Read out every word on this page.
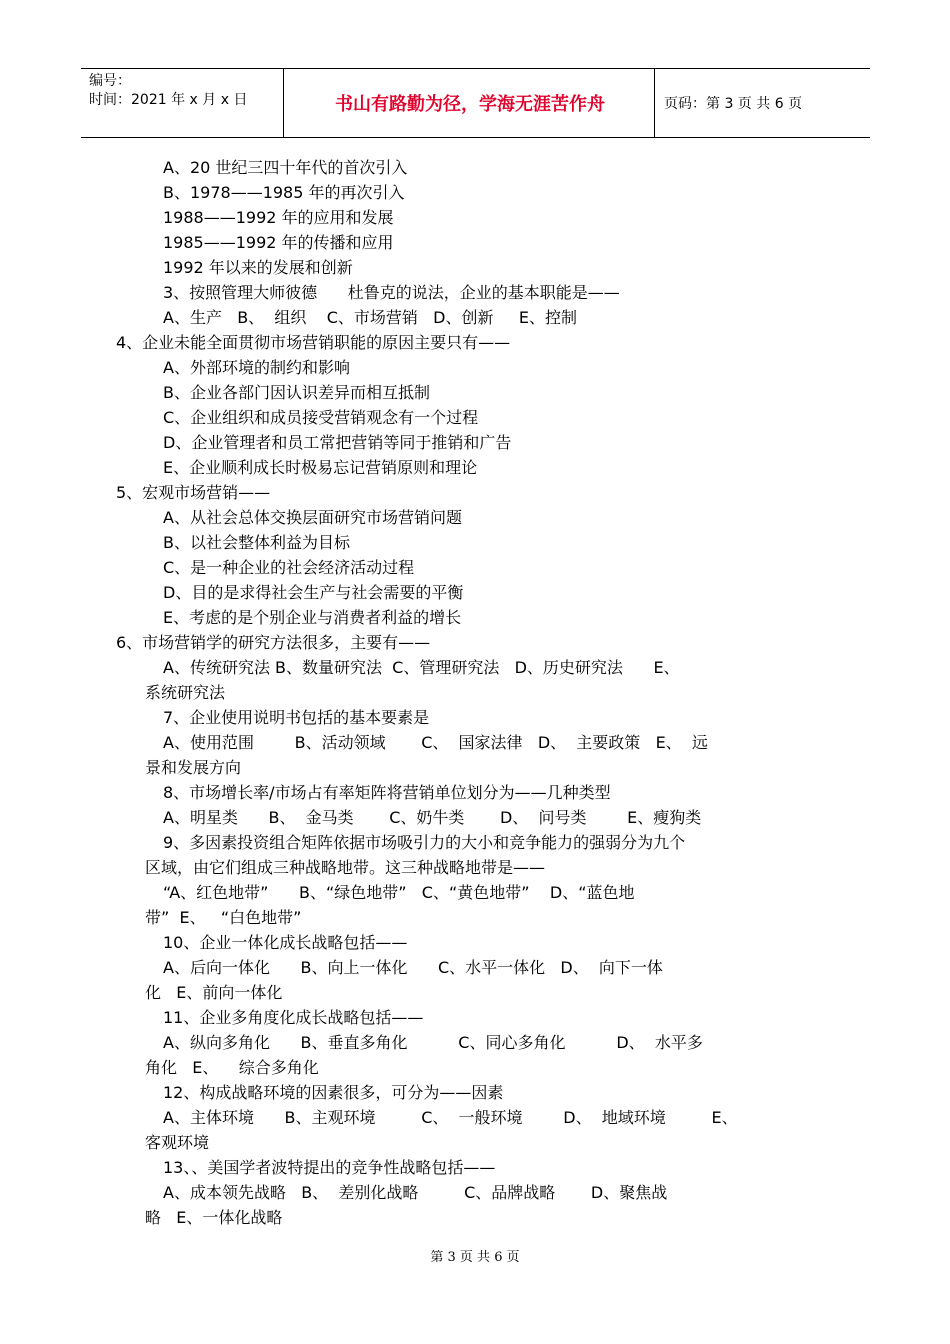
编号：
时间：2021 年 x 月 x 日	书山有路勤为径，学海无涯苦作舟	页码：第 3 页 共 6 页
A、20 世纪三四十年代的首次引入
B、1978——1985 年的再次引入
1988——1992 年的应用和发展
1985——1992 年的传播和应用
1992 年以来的发展和创新
3、按照管理大师彼德      杜鲁克的说法，企业的基本职能是——
A、生产   B、  组织    C、市场营销   D、创新     E、控制
4、企业未能全面贯彻市场营销职能的原因主要只有——
A、外部环境的制约和影响
B、企业各部门因认识差异而相互抵制
C、企业组织和成员接受营销观念有一个过程
D、企业管理者和员工常把营销等同于推销和广告
E、企业顺利成长时极易忘记营销原则和理论
5、宏观市场营销——
A、从社会总体交换层面研究市场营销问题
B、以社会整体利益为目标
C、是一种企业的社会经济活动过程
D、目的是求得社会生产与社会需要的平衡
E、考虑的是个别企业与消费者利益的增长
6、市场营销学的研究方法很多，主要有——
A、传统研究法 B、数量研究法  C、管理研究法   D、历史研究法      E、
系统研究法
7、企业使用说明书包括的基本要素是
A、使用范围        B、活动领域       C、  国家法律   D、  主要政策   E、  远
景和发展方向
8、市场增长率/市场占有率矩阵将营销单位划分为——几种类型
A、明星类      B、  金马类       C、奶牛类       D、  问号类        E、瘦狗类
9、多因素投资组合矩阵依据市场吸引力的大小和竞争能力的强弱分为九个
区域，由它们组成三种战略地带。这三种战略地带是——
“A、红色地带”      B、“绿色地带”   C、“黄色地带”    D、“蓝色地
带”  E、   “白色地带”
10、企业一体化成长战略包括——
A、后向一体化      B、向上一体化      C、水平一体化   D、  向下一体
化   E、前向一体化
11、企业多角度化成长战略包括——
A、纵向多角化      B、垂直多角化          C、同心多角化          D、  水平多
角化   E、    综合多角化
12、构成战略环境的因素很多，可分为——因素
A、主体环境      B、主观环境         C、  一般环境        D、  地域环境         E、
客观环境
13、、美国学者波特提出的竞争性战略包括——
A、成本领先战略   B、  差别化战略         C、品牌战略       D、聚焦战
略   E、一体化战略
第 3 页 共 6 页
